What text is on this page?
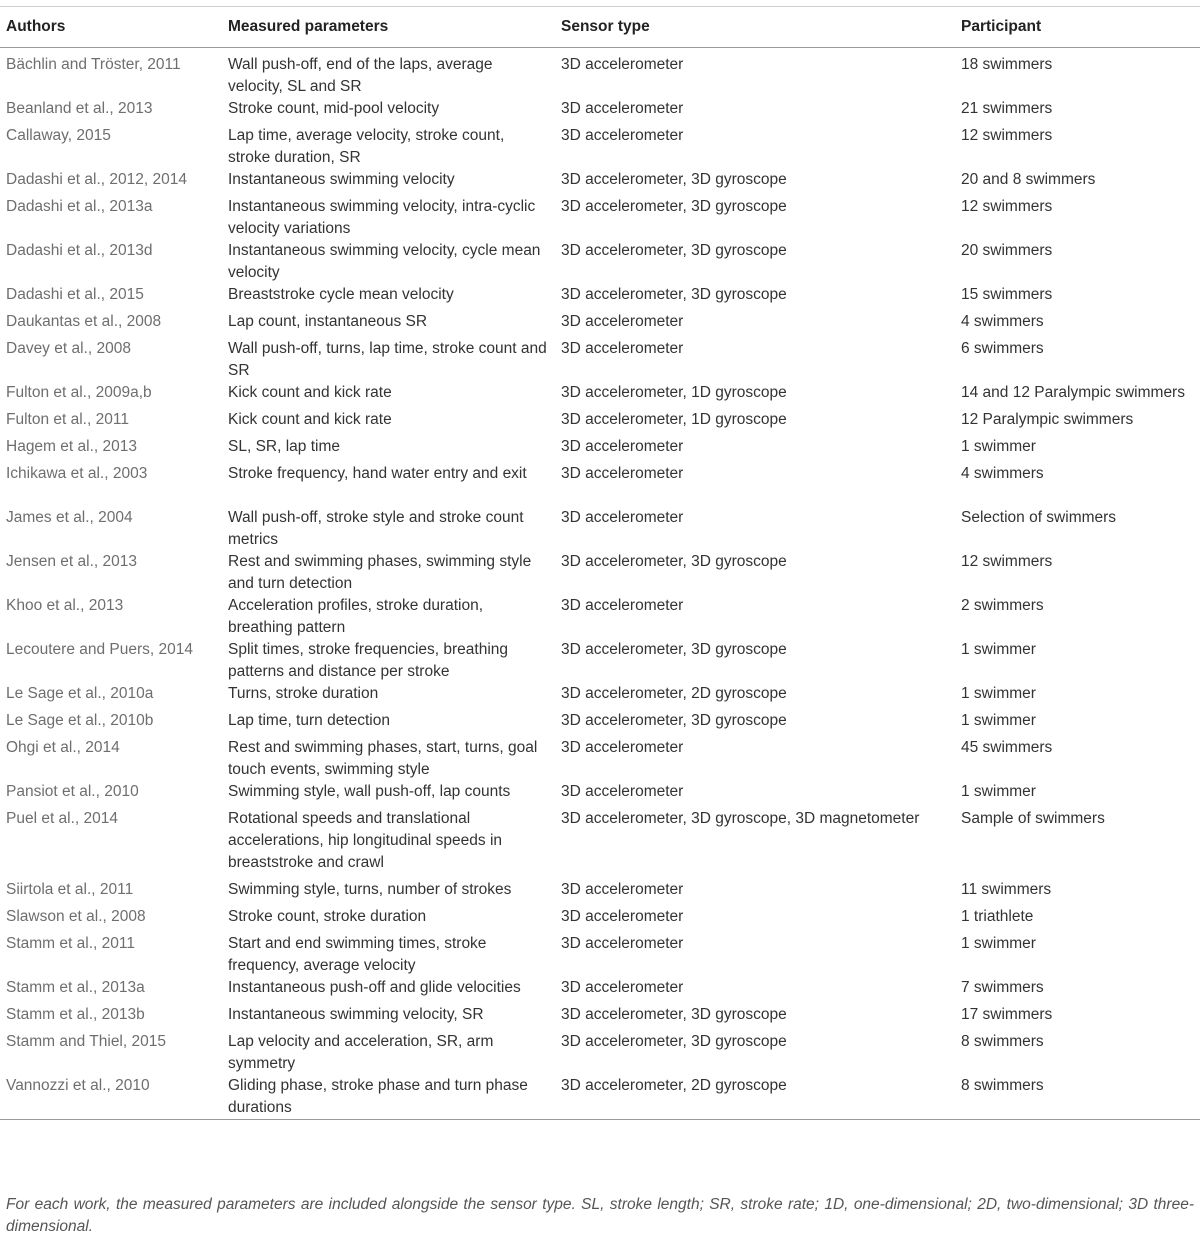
Authors	Measured parameters	Sensor type	Participant
Bächlin and Tröster, 2011	Wall push-off, end of the laps, average velocity, SL and SR	3D accelerometer	18 swimmers
Beanland et al., 2013	Stroke count, mid-pool velocity	3D accelerometer	21 swimmers
Callaway, 2015	Lap time, average velocity, stroke count, stroke duration, SR	3D accelerometer	12 swimmers
Dadashi et al., 2012, 2014	Instantaneous swimming velocity	3D accelerometer, 3D gyroscope	20 and 8 swimmers
Dadashi et al., 2013a	Instantaneous swimming velocity, intra-cyclic velocity variations	3D accelerometer, 3D gyroscope	12 swimmers
Dadashi et al., 2013d	Instantaneous swimming velocity, cycle mean velocity	3D accelerometer, 3D gyroscope	20 swimmers
Dadashi et al., 2015	Breaststroke cycle mean velocity	3D accelerometer, 3D gyroscope	15 swimmers
Daukantas et al., 2008	Lap count, instantaneous SR	3D accelerometer	4 swimmers
Davey et al., 2008	Wall push-off, turns, lap time, stroke count and SR	3D accelerometer	6 swimmers
Fulton et al., 2009a,b	Kick count and kick rate	3D accelerometer, 1D gyroscope	14 and 12 Paralympic swimmers
Fulton et al., 2011	Kick count and kick rate	3D accelerometer, 1D gyroscope	12 Paralympic swimmers
Hagem et al., 2013	SL, SR, lap time	3D accelerometer	1 swimmer
Ichikawa et al., 2003	Stroke frequency, hand water entry and exit	3D accelerometer	4 swimmers
James et al., 2004	Wall push-off, stroke style and stroke count metrics	3D accelerometer	Selection of swimmers
Jensen et al., 2013	Rest and swimming phases, swimming style and turn detection	3D accelerometer, 3D gyroscope	12 swimmers
Khoo et al., 2013	Acceleration profiles, stroke duration, breathing pattern	3D accelerometer	2 swimmers
Lecoutere and Puers, 2014	Split times, stroke frequencies, breathing patterns and distance per stroke	3D accelerometer, 3D gyroscope	1 swimmer
Le Sage et al., 2010a	Turns, stroke duration	3D accelerometer, 2D gyroscope	1 swimmer
Le Sage et al., 2010b	Lap time, turn detection	3D accelerometer, 3D gyroscope	1 swimmer
Ohgi et al., 2014	Rest and swimming phases, start, turns, goal touch events, swimming style	3D accelerometer	45 swimmers
Pansiot et al., 2010	Swimming style, wall push-off, lap counts	3D accelerometer	1 swimmer
Puel et al., 2014	Rotational speeds and translational accelerations, hip longitudinal speeds in breaststroke and crawl	3D accelerometer, 3D gyroscope, 3D magnetometer	Sample of swimmers
Siirtola et al., 2011	Swimming style, turns, number of strokes	3D accelerometer	11 swimmers
Slawson et al., 2008	Stroke count, stroke duration	3D accelerometer	1 triathlete
Stamm et al., 2011	Start and end swimming times, stroke frequency, average velocity	3D accelerometer	1 swimmer
Stamm et al., 2013a	Instantaneous push-off and glide velocities	3D accelerometer	7 swimmers
Stamm et al., 2013b	Instantaneous swimming velocity, SR	3D accelerometer, 3D gyroscope	17 swimmers
Stamm and Thiel, 2015	Lap velocity and acceleration, SR, arm symmetry	3D accelerometer, 3D gyroscope	8 swimmers
Vannozzi et al., 2010	Gliding phase, stroke phase and turn phase durations	3D accelerometer, 2D gyroscope	8 swimmers
For each work, the measured parameters are included alongside the sensor type. SL, stroke length; SR, stroke rate; 1D, one-dimensional; 2D, two-dimensional; 3D three-dimensional.
